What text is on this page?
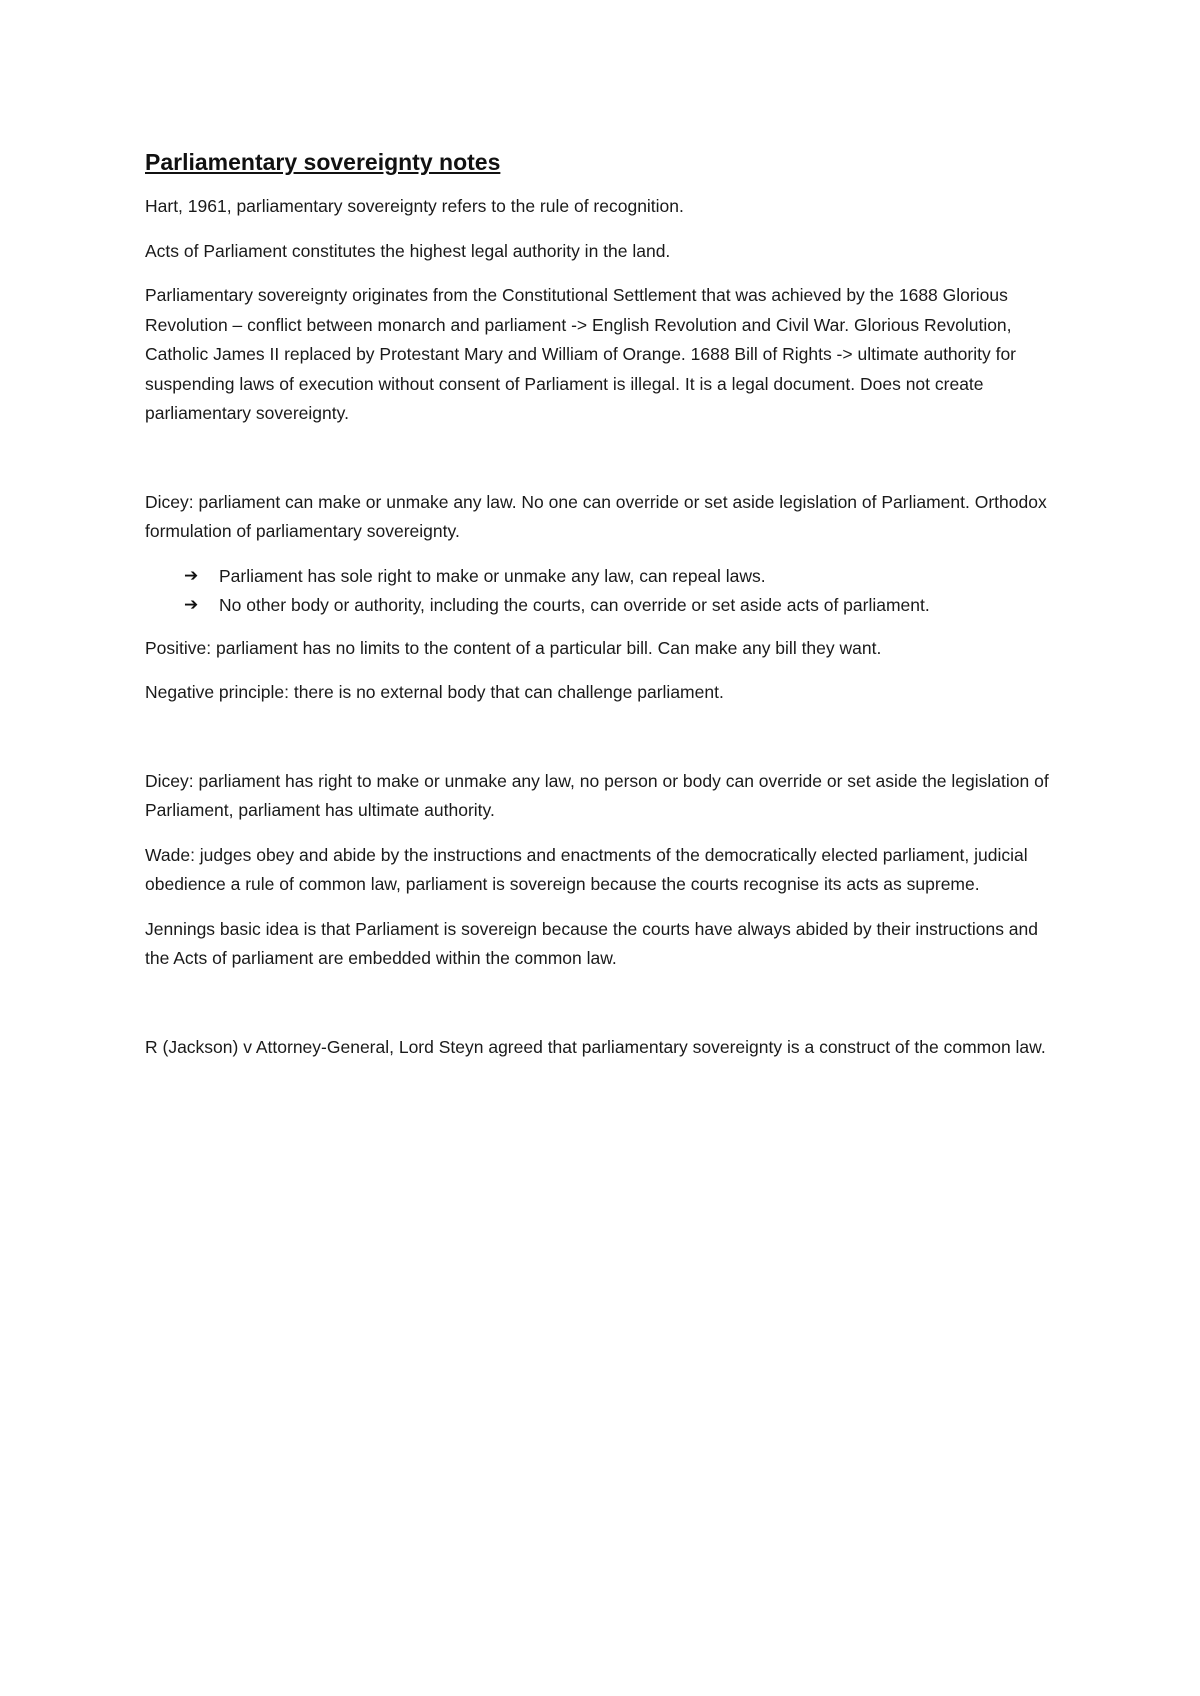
Parliamentary sovereignty notes

Hart, 1961, parliamentary sovereignty refers to the rule of recognition.

Acts of Parliament constitutes the highest legal authority in the land.

Parliamentary sovereignty originates from the Constitutional Settlement that was achieved by the 1688 Glorious Revolution – conflict between monarch and parliament -> English Revolution and Civil War. Glorious Revolution, Catholic James II replaced by Protestant Mary and William of Orange. 1688 Bill of Rights -> ultimate authority for suspending laws of execution without consent of Parliament is illegal. It is a legal document. Does not create parliamentary sovereignty.

Dicey: parliament can make or unmake any law. No one can override or set aside legislation of Parliament. Orthodox formulation of parliamentary sovereignty.

➔ Parliament has sole right to make or unmake any law, can repeal laws.
➔ No other body or authority, including the courts, can override or set aside acts of parliament.

Positive: parliament has no limits to the content of a particular bill. Can make any bill they want.

Negative principle: there is no external body that can challenge parliament.

Dicey: parliament has right to make or unmake any law, no person or body can override or set aside the legislation of Parliament, parliament has ultimate authority.

Wade: judges obey and abide by the instructions and enactments of the democratically elected parliament, judicial obedience a rule of common law, parliament is sovereign because the courts recognise its acts as supreme.

Jennings basic idea is that Parliament is sovereign because the courts have always abided by their instructions and the Acts of parliament are embedded within the common law.

R (Jackson) v Attorney-General, Lord Steyn agreed that parliamentary sovereignty is a construct of the common law.
